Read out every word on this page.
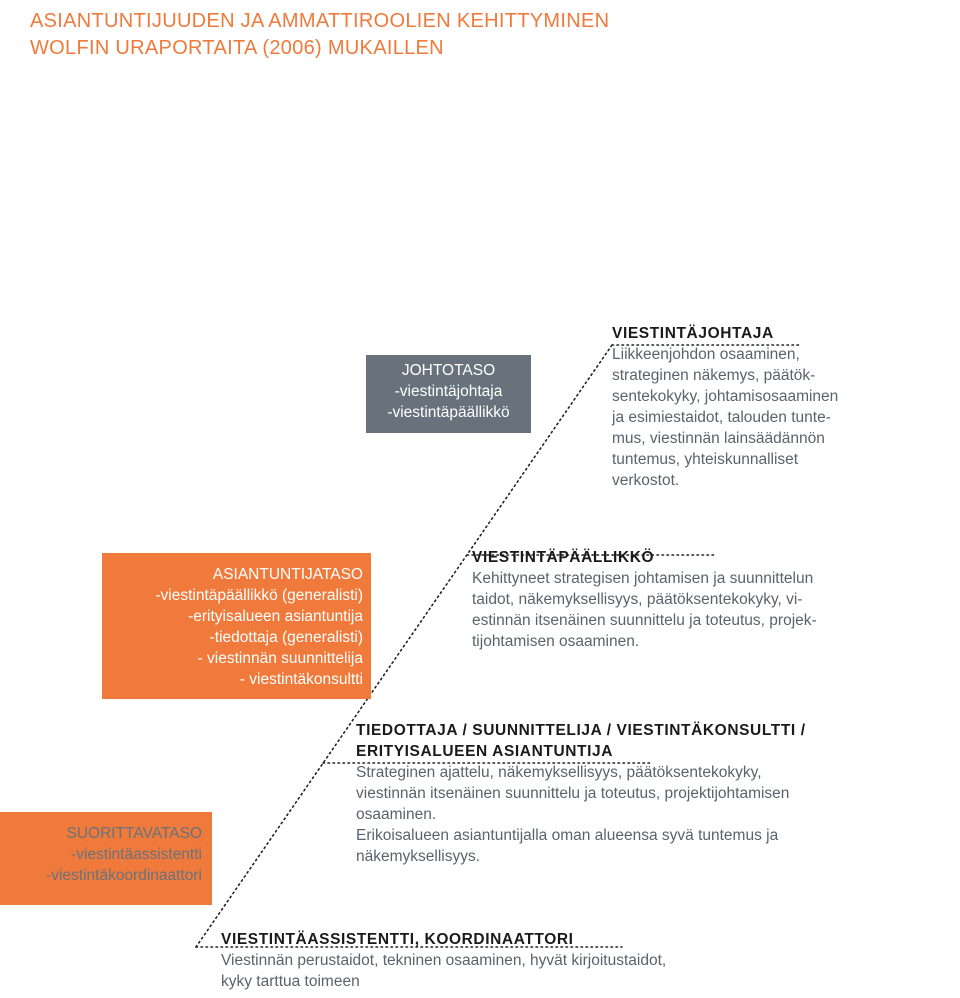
ASIANTUNTIJUUDEN JA AMMATTIROOLIEN KEHITTYMINEN
WOLFIN URAPORTAITA (2006) MUKAILLEN
JOHTOTASO
-viestintäjohtaja
-viestintäpäällikkö
ASIANTUNTIJATASO
-viestintäpäällikkö (generalisti)
-erityisalueen asiantuntija
-tiedottaja (generalisti)
- viestinnän suunnittelija
- viestintäkonsultti
SUORITTAVATASO
-viestintäassistentti
-viestintäkoordinaattori
VIESTINTÄJOHTAJA
Liikkeenjohdon osaaminen,
strateginen näkemys, päätök-
sentekokyky, johtamisosaaminen
ja esimiestaidot, talouden tunte-
mus, viestinnän lainsäädännön
tuntemus, yhteiskunnalliset
verkostot.
VIESTINTÄPÄÄLLIKKÖ
Kehittyneet strategisen johtamisen ja suunnittelun
taidot, näkemyksellisyys, päätöksentekokyky, vi-
estinnän itsenäinen suunnittelu ja toteutus, projek-
tijohtamisen osaaminen.
TIEDOTTAJA / SUUNNITTELIJA / VIESTINTÄKONSULTTI /
ERITYISALUEEN ASIANTUNTIJA
Strateginen ajattelu, näkemyksellisyys, päätöksentekokyky,
viestinnän itsenäinen suunnittelu ja toteutus, projektijohtamisen
osaaminen.
Erikoisalueen asiantuntijalla oman alueensa syvä tuntemus ja
näkemyksellisyys.
VIESTINTÄASSISTENTTI, KOORDINAATTORI
Viestinnän perustaidot, tekninen osaaminen, hyvät kirjoitustaidot,
kyky tarttua toimeen
